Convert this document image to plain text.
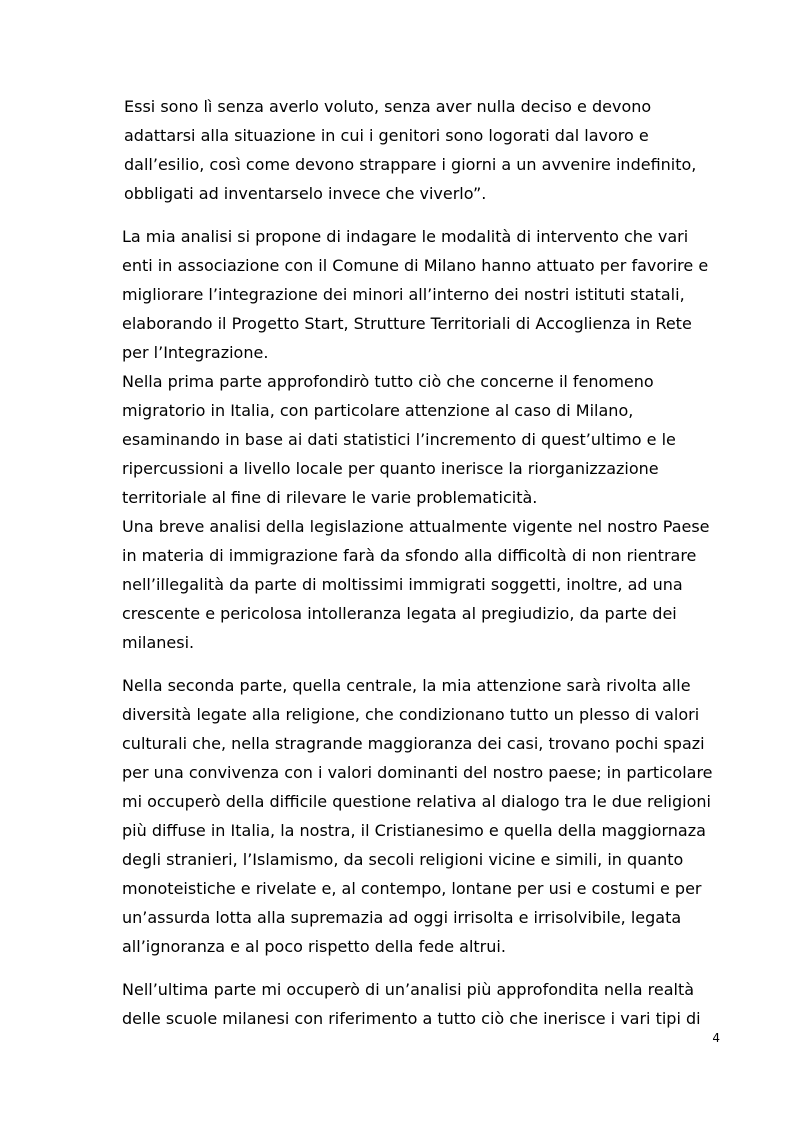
Essi sono lì senza averlo voluto, senza aver nulla deciso e devono
adattarsi alla situazione in cui i genitori sono logorati dal lavoro e
dall’esilio, così come devono strappare i giorni a un avvenire indefinito,
obbligati ad inventarselo invece che viverlo”.
La mia analisi si propone di indagare le modalità di intervento che vari
enti in associazione con il Comune di Milano hanno attuato per favorire e
migliorare l’integrazione dei minori all’interno dei nostri istituti statali,
elaborando il Progetto Start, Strutture Territoriali di Accoglienza in Rete
per l’Integrazione.
Nella prima parte approfondirò tutto ciò che concerne il fenomeno
migratorio in Italia, con particolare attenzione al caso di Milano,
esaminando in base ai dati statistici l’incremento di quest’ultimo e le
ripercussioni a livello locale per quanto inerisce la riorganizzazione
territoriale al fine di rilevare le varie problematicità.
Una breve analisi della legislazione attualmente vigente nel nostro Paese
in materia di immigrazione farà da sfondo alla difficoltà di non rientrare
nell’illegalità da parte di moltissimi immigrati soggetti, inoltre, ad una
crescente e pericolosa intolleranza legata al pregiudizio, da parte dei
milanesi.
Nella seconda parte, quella centrale, la mia attenzione sarà rivolta alle
diversità legate alla religione, che condizionano tutto un plesso di valori
culturali che, nella stragrande maggioranza dei casi, trovano pochi spazi
per una convivenza con i valori dominanti del nostro paese; in particolare
mi occuperò della difficile questione relativa al dialogo tra le due religioni
più diffuse in Italia, la nostra, il Cristianesimo e quella della maggiornaza
degli stranieri, l’Islamismo, da secoli religioni vicine e simili, in quanto
monoteistiche e rivelate e, al contempo, lontane per usi e costumi e per
un’assurda lotta alla supremazia ad oggi irrisolta e irrisolvibile, legata
all’ignoranza e al poco rispetto della fede altrui.
Nell’ultima parte mi occuperò di un’analisi più approfondita nella realtà
delle scuole milanesi con riferimento a tutto ciò che inerisce i vari tipi di
4
